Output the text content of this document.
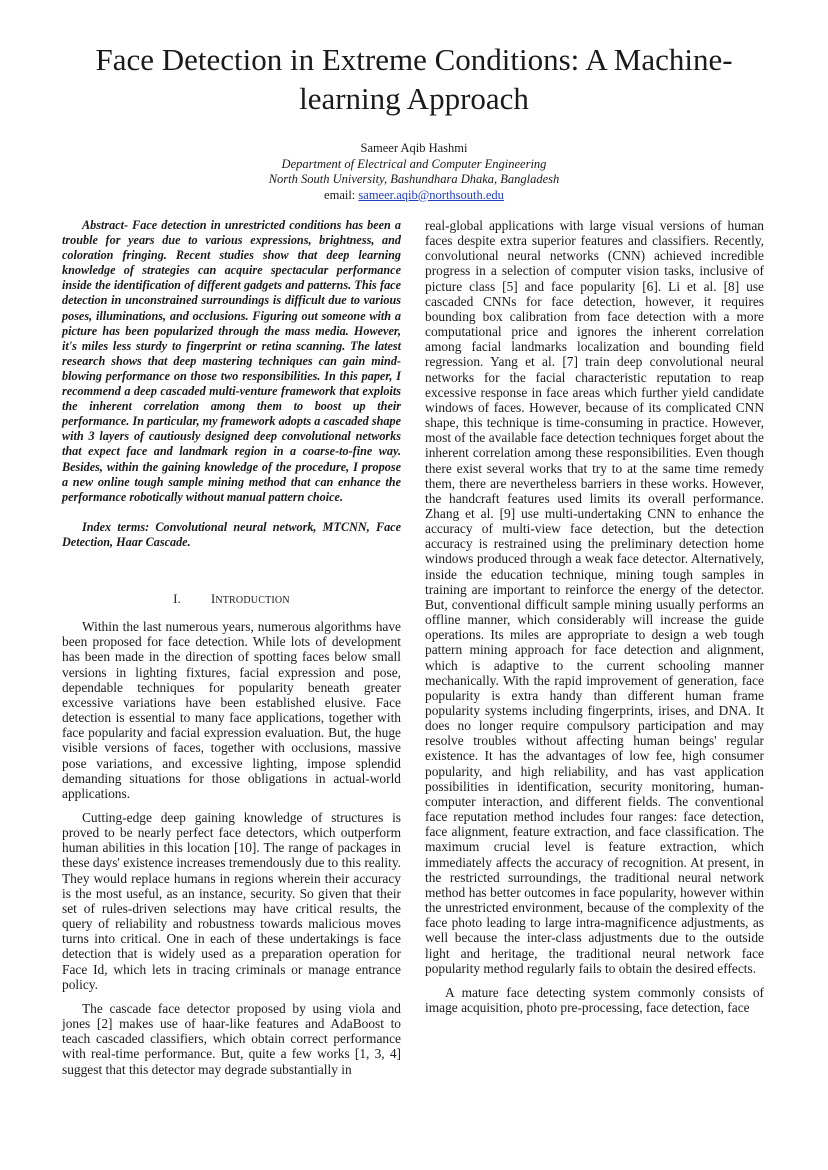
Face Detection in Extreme Conditions: A Machine-learning Approach
Sameer Aqib Hashmi
Department of Electrical and Computer Engineering
North South University, Bashundhara Dhaka, Bangladesh
email: sameer.aqib@northsouth.edu

Abstract- Face detection in unrestricted conditions has been a trouble for years due to various expressions, brightness, and coloration fringing. Recent studies show that deep learning knowledge of strategies can acquire spectacular performance inside the identification of different gadgets and patterns. This face detection in unconstrained surroundings is difficult due to various poses, illuminations, and occlusions. Figuring out someone with a picture has been popularized through the mass media. However, it's miles less sturdy to fingerprint or retina scanning. The latest research shows that deep mastering techniques can gain mind-blowing performance on those two responsibilities. In this paper, I recommend a deep cascaded multi-venture framework that exploits the inherent correlation among them to boost up their performance. In particular, my framework adopts a cascaded shape with 3 layers of cautiously designed deep convolutional networks that expect face and landmark region in a coarse-to-fine way. Besides, within the gaining knowledge of the procedure, I propose a new online tough sample mining method that can enhance the performance robotically without manual pattern choice.

Index terms: Convolutional neural network, MTCNN, Face Detection, Haar Cascade.

I. INTRODUCTION

Within the last numerous years, numerous algorithms have been proposed for face detection. While lots of development has been made in the direction of spotting faces below small versions in lighting fixtures, facial expression and pose, dependable techniques for popularity beneath greater excessive variations have been established elusive. Face detection is essential to many face applications, together with face popularity and facial expression evaluation. But, the huge visible versions of faces, together with occlusions, massive pose variations, and excessive lighting, impose splendid demanding situations for those obligations in actual-world applications.

Cutting-edge deep gaining knowledge of structures is proved to be nearly perfect face detectors, which outperform human abilities in this location [10]. The range of packages in these days' existence increases tremendously due to this reality. They would replace humans in regions wherein their accuracy is the most useful, as an instance, security. So given that their set of rules-driven selections may have critical results, the query of reliability and robustness towards malicious moves turns into critical. One in each of these undertakings is face detection that is widely used as a preparation operation for Face Id, which lets in tracing criminals or manage entrance policy.

The cascade face detector proposed by using viola and jones [2] makes use of haar-like features and AdaBoost to teach cascaded classifiers, which obtain correct performance with real-time performance. But, quite a few works [1, 3, 4] suggest that this detector may degrade substantially in

real-global applications with large visual versions of human faces despite extra superior features and classifiers. Recently, convolutional neural networks (CNN) achieved incredible progress in a selection of computer vision tasks, inclusive of picture class [5] and face popularity [6]. Li et al. [8] use cascaded CNNs for face detection, however, it requires bounding box calibration from face detection with a more computational price and ignores the inherent correlation among facial landmarks localization and bounding field regression. Yang et al. [7] train deep convolutional neural networks for the facial characteristic reputation to reap excessive response in face areas which further yield candidate windows of faces. However, because of its complicated CNN shape, this technique is time-consuming in practice. However, most of the available face detection techniques forget about the inherent correlation among these responsibilities. Even though there exist several works that try to at the same time remedy them, there are nevertheless barriers in these works. However, the handcraft features used limits its overall performance. Zhang et al. [9] use multi-undertaking CNN to enhance the accuracy of multi-view face detection, but the detection accuracy is restrained using the preliminary detection home windows produced through a weak face detector. Alternatively, inside the education technique, mining tough samples in training are important to reinforce the energy of the detector. But, conventional difficult sample mining usually performs an offline manner, which considerably will increase the guide operations. Its miles are appropriate to design a web tough pattern mining approach for face detection and alignment, which is adaptive to the current schooling manner mechanically. With the rapid improvement of generation, face popularity is extra handy than different human frame popularity systems including fingerprints, irises, and DNA. It does no longer require compulsory participation and may resolve troubles without affecting human beings' regular existence. It has the advantages of low fee, high consumer popularity, and high reliability, and has vast application possibilities in identification, security monitoring, human-computer interaction, and different fields. The conventional face reputation method includes four ranges: face detection, face alignment, feature extraction, and face classification. The maximum crucial level is feature extraction, which immediately affects the accuracy of recognition. At present, in the restricted surroundings, the traditional neural network method has better outcomes in face popularity, however within the unrestricted environment, because of the complexity of the face photo leading to large intra-magnificence adjustments, as well because the inter-class adjustments due to the outside light and heritage, the traditional neural network face popularity method regularly fails to obtain the desired effects.

A mature face detecting system commonly consists of image acquisition, photo pre-processing, face detection, face
